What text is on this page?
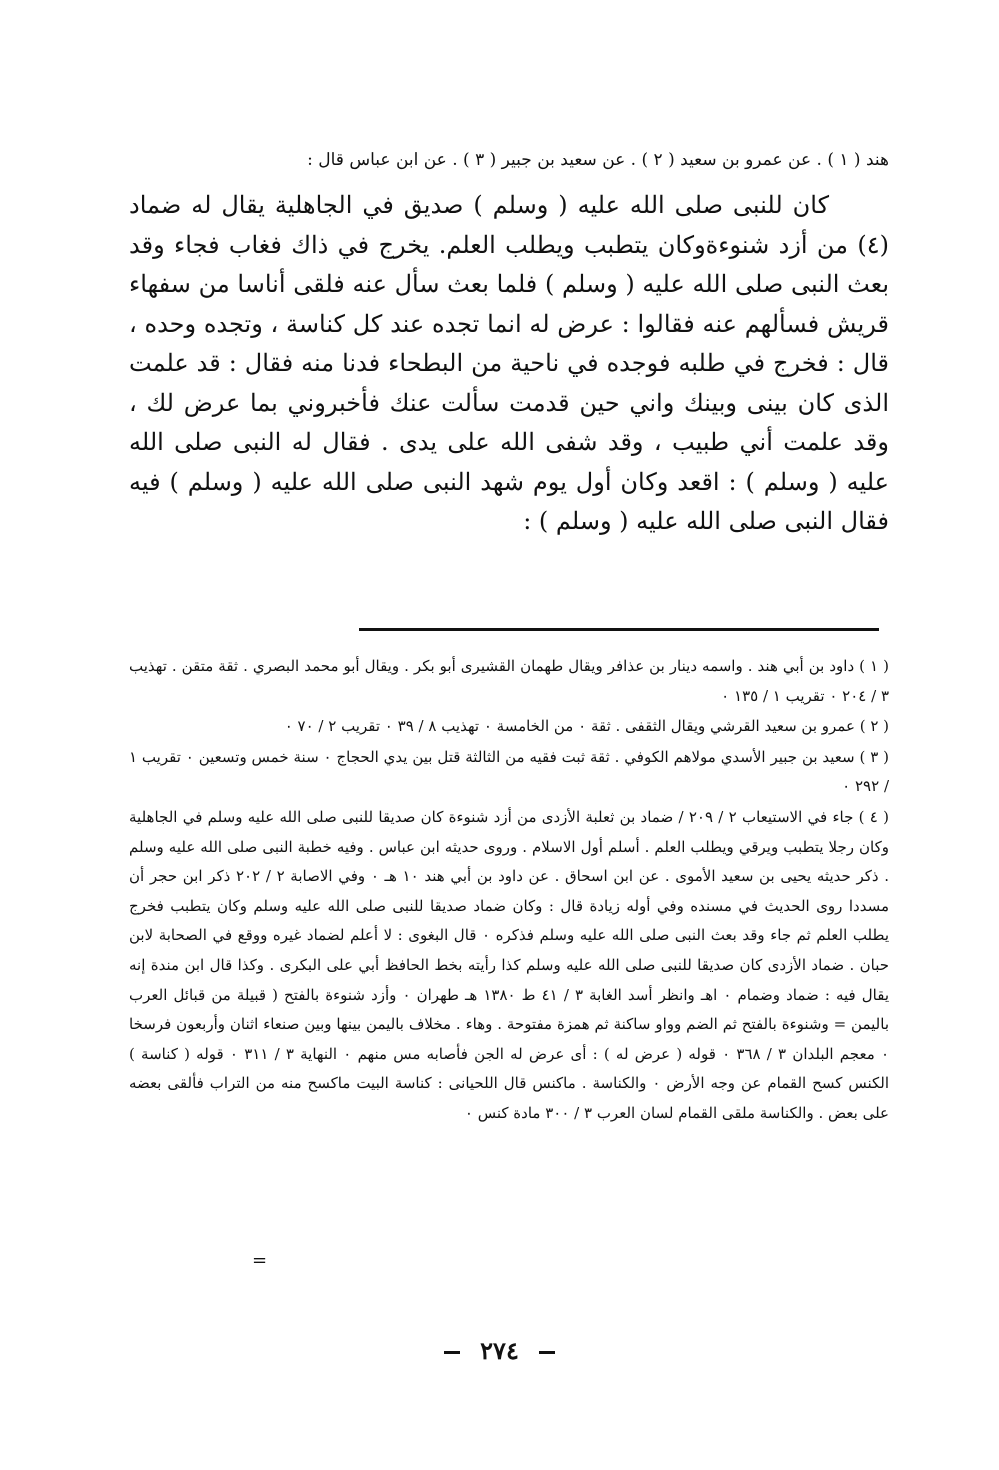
هند ( ١ ) . عن عمرو بن سعيد ( ٢ ) . عن سعيد بن جبير ( ٣ ) . عن ابن عباس قال :

كان للنبى صلى الله عليه ( وسلم ) صديق في الجاهلية يقال له ضماد (٤) من أزد شنوءةوكان يتطبب ويطلب العلم. يخرج في ذاك فغاب فجاء وقد بعث النبى صلى الله عليه ( وسلم ) فلما بعث سأل عنه فلقى أناسا من سفهاء قريش فسألهم عنه فقالوا : عرض له انما تجده عند كل كناسة ، وتجده وحده ، قال : فخرج في طلبه فوجده في ناحية من البطحاء فدنا منه فقال : قد علمت الذى كان بينى وبينك واني حين قدمت سألت عنك فأخبروني بما عرض لك ، وقد علمت أني طبيب ، وقد شفى الله على يدى . فقال له النبى صلى الله عليه ( وسلم ) : اقعد وكان أول يوم شهد النبى صلى الله عليه ( وسلم ) فيه فقال النبى صلى الله عليه ( وسلم ) :

( ١ ) داود بن أبي هند . واسمه دينار بن عذافر ويقال طهمان القشيرى أبو بكر . ويقال أبو محمد البصري . ثقة متقن . تهذيب ٣ / ٢٠٤ ٠ تقريب ١ / ١٣٥ ٠

( ٢ ) عمرو بن سعيد القرشي ويقال الثقفى . ثقة ٠ من الخامسة ٠ تهذيب ٨ / ٣٩ ٠ تقريب ٢ / ٧٠ ٠

( ٣ ) سعيد بن جبير الأسدي مولاهم الكوفي . ثقة ثبت فقيه من الثالثة قتل بين يدي الحجاج ٠ سنة خمس وتسعين ٠ تقريب ١ / ٢٩٢ ٠

( ٤ ) جاء في الاستيعاب ٢ / ٢٠٩ / ضماد بن ثعلبة الأزدى من أزد شنوءة كان صديقا للنبى صلى الله عليه وسلم في الجاهلية وكان رجلا يتطبب ويرقي ويطلب العلم . أسلم أول الاسلام . وروى حديثه ابن عباس . وفيه خطبة النبى صلى الله عليه وسلم . ذكر حديثه يحيى بن سعيد الأموى . عن ابن اسحاق . عن داود بن أبي هند ١٠ هـ ٠ وفي الاصابة ٢ / ٢٠٢ ذكر ابن حجر أن مسددا روى الحديث في مسنده وفي أوله زيادة قال : وكان ضماد صديقا للنبى صلى الله عليه وسلم وكان يتطبب فخرج يطلب العلم ثم جاء وقد بعث النبى صلى الله عليه وسلم فذكره ٠ قال البغوى : لا أعلم لضماد غيره ووقع في الصحابة لابن حبان . ضماد الأزدى كان صديقا للنبى صلى الله عليه وسلم كذا رأيته بخط الحافظ أبي على البكرى . وكذا قال ابن مندة إنه يقال فيه : ضماد وضمام ٠ اهـ وانظر أسد الغابة ٣ / ٤١ ط ١٣٨٠ هـ طهران ٠ وأزد شنوءة بالفتح ( قبيلة من قبائل العرب باليمن = وشنوءة بالفتح ثم الضم وواو ساكنة ثم همزة مفتوحة . وهاء . مخلاف باليمن بينها وبين صنعاء اثنان وأربعون فرسخا ٠ معجم البلدان ٣ / ٣٦٨ ٠ قوله ( عرض له ) : أى عرض له الجن فأصابه مس منهم ٠ النهاية ٣ / ٣١١ ٠ قوله ( كناسة ) الكنس كسح القمام عن وجه الأرض ٠ والكناسة . ماكنس قال اللحيانى : كناسة البيت ماكسح منه من التراب فألقى بعضه على بعض . والكناسة ملقى القمام لسان العرب ٣ / ٣٠٠ مادة كنس ٠

=
٢٧٤
